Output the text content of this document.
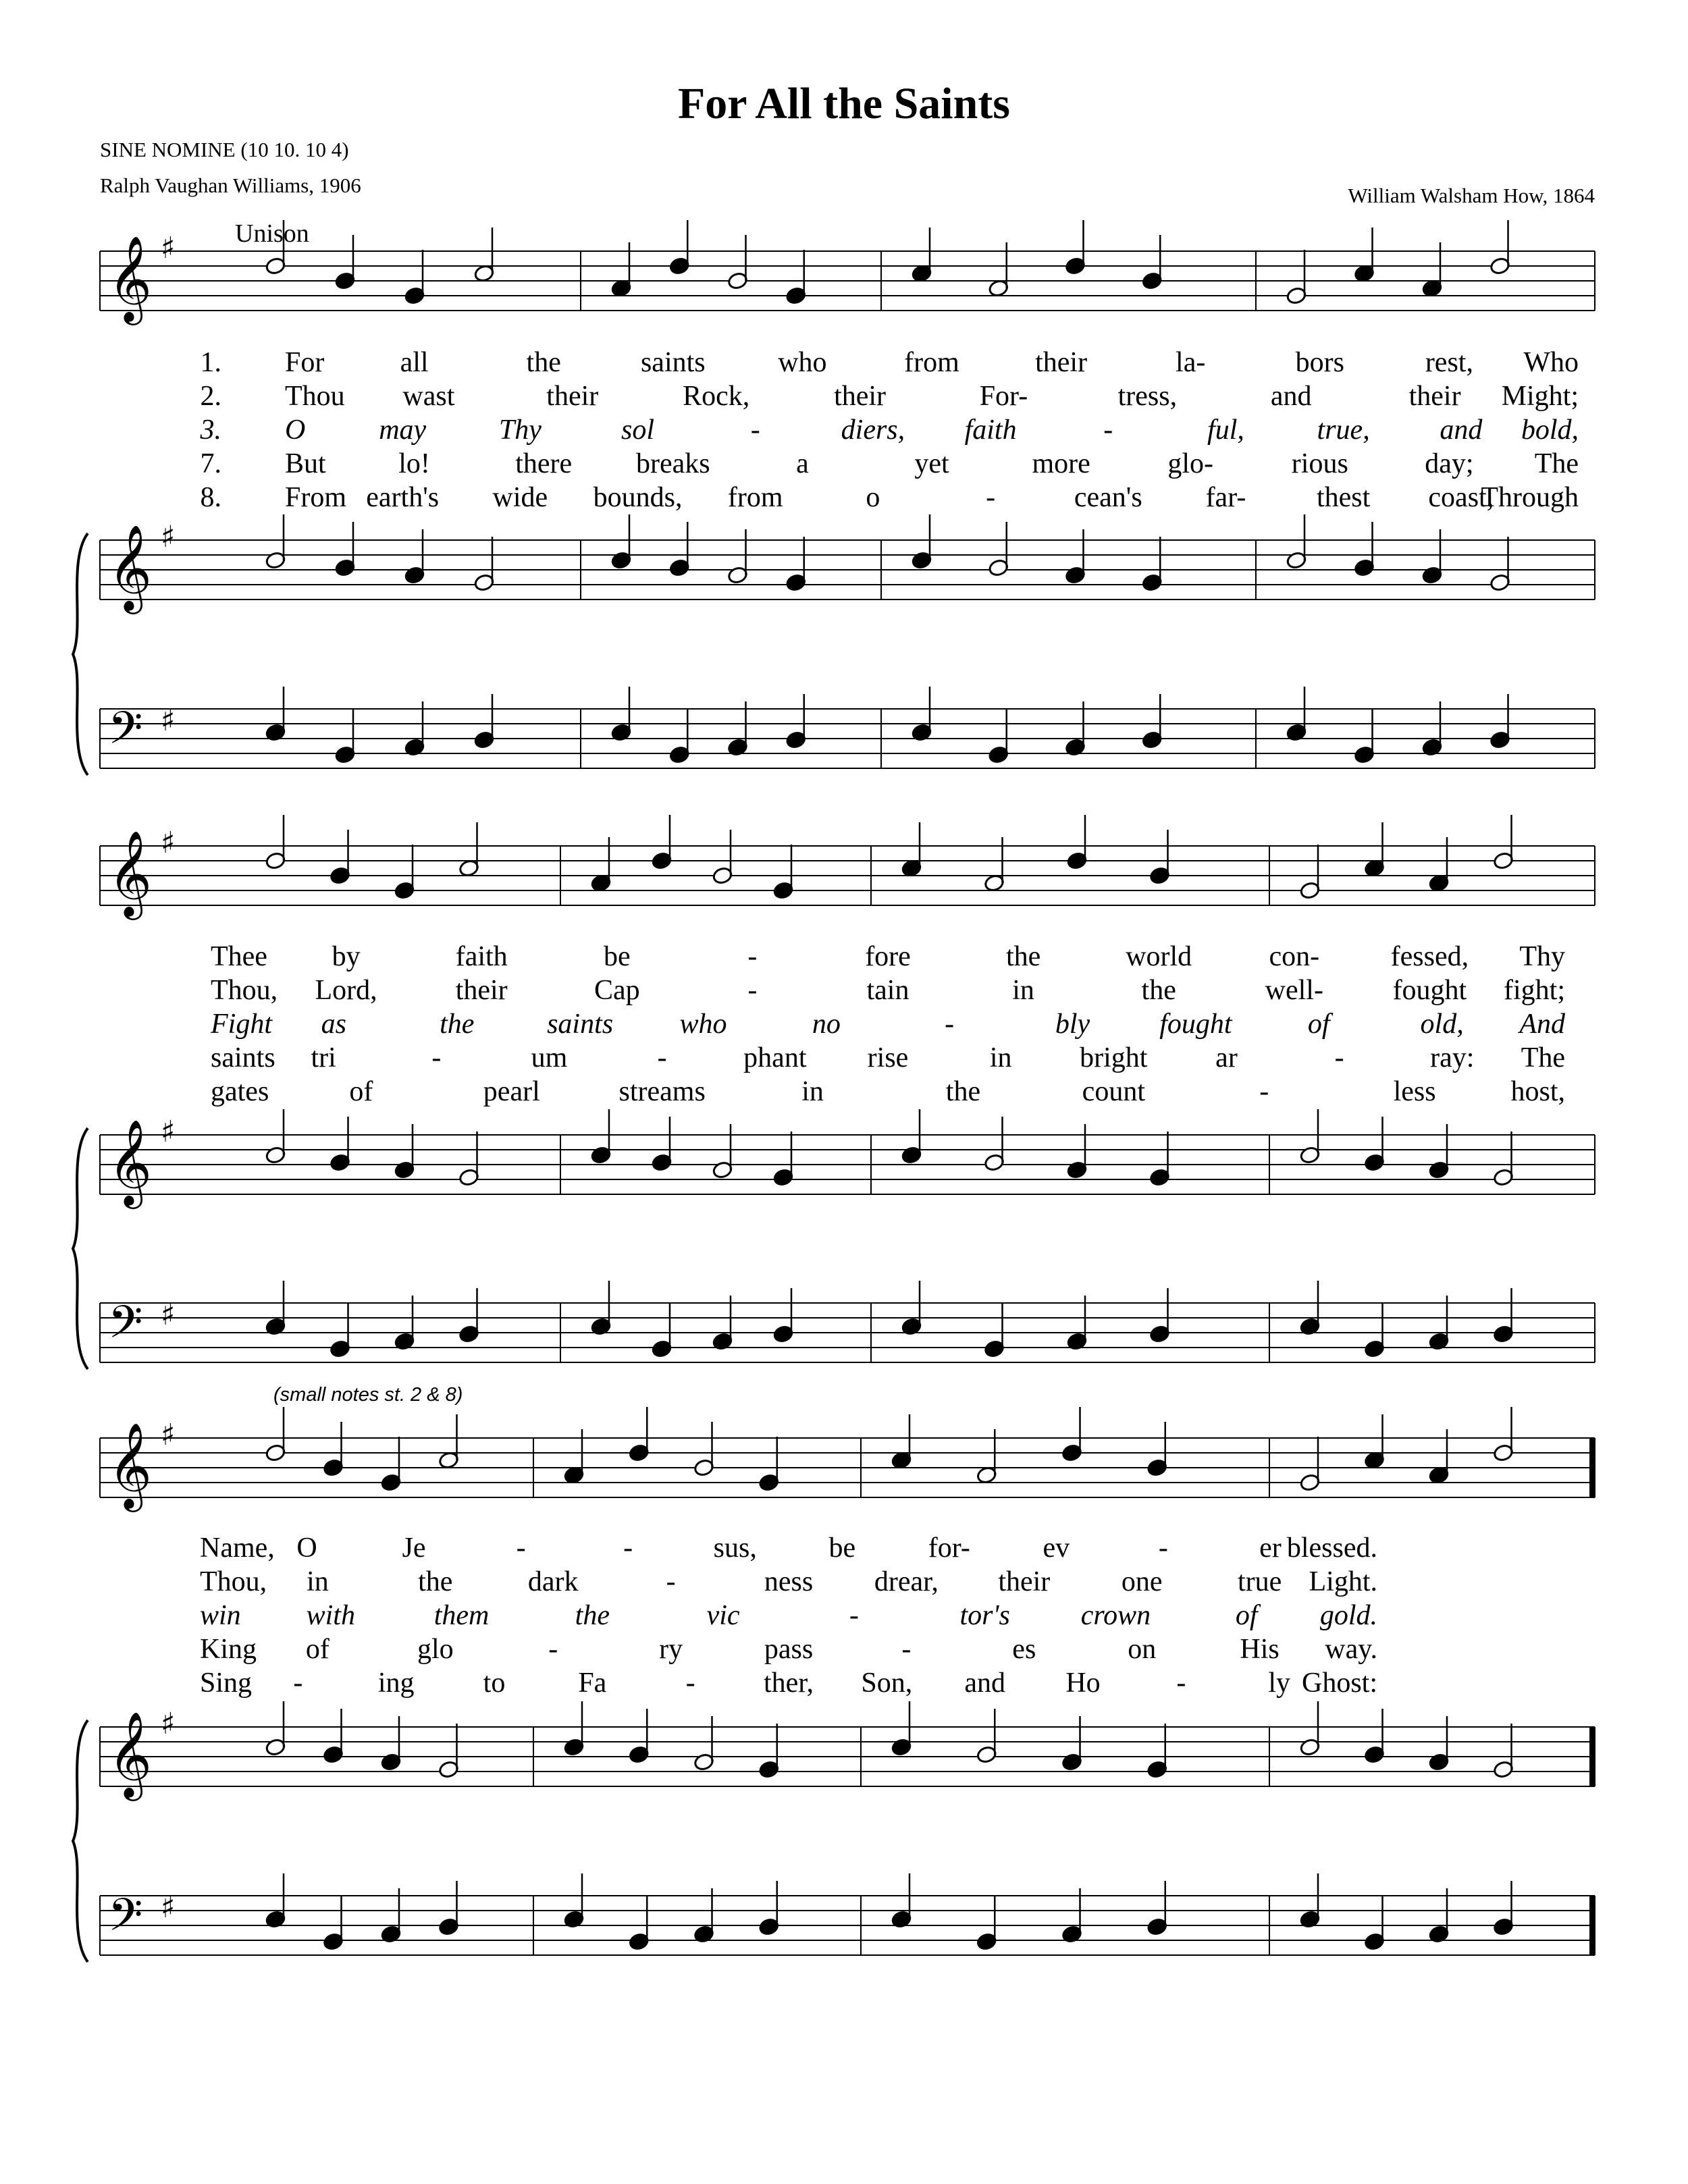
For All the Saints
SINE NOMINE (10 10. 10 4)
Ralph Vaughan Williams, 1906	William Walsham How, 1864
Unison
(small notes st. 2 & 8)
𝄞 ♯
𝄞 ♯
𝄢 ♯
𝄞 ♯
𝄞 ♯
𝄢 ♯
𝄞 ♯
𝄞 ♯
𝄢 ♯
1.
2.
3.
7.
8.
For	all	the	saints	who	from	their	la-	bors	rest, Who
Thou wast	their	Rock,	their	For-	tress,	and	their Might;
O	may	Thy	sol	-	diers, faith	-	ful,	true, and bold,
But	lo!	there breaks	a	yet	more	glo-	rious	day; The
From earth's wide bounds, from	o	-	cean's far- thest coast,
Through
Thee by	faith	be	-	fore	the	world	con-	fessed, Thy
Thou, Lord,	their	Cap	-	tain	in	the	well- fought fight;
Fight as	the	saints who	no	-	bly fought	of	old, And
saints tri	-	um	-	phant rise	in bright ar	-	ray: The
gates	of	pearl	streams	in	the	count	-	less	host,
Name, O	Je	-	-	sus,	be	for-	ev	-	er blessed.
Thou, in	the	dark	-	ness drear, their	one	true Light.
win with	them	the	vic	-	tor's crown	of gold.
King of	glo	-	ry	pass	-	es	on	His way.
Sing -	ing to	Fa	- ther, Son, and Ho	-	ly Ghost:
